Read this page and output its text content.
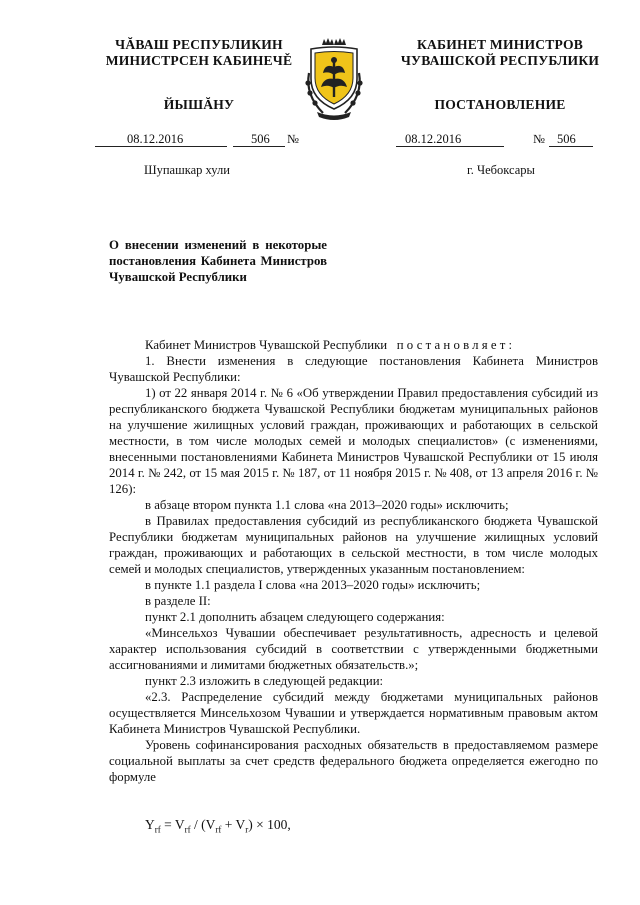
ЧĂВАШ РЕСПУБЛИКИН
МИНИСТРСЕН КАБИНЕЧĚ
ЙЫШĂНУ
КАБИНЕТ МИНИСТРОВ
ЧУВАШСКОЙ РЕСПУБЛИКИ
ПОСТАНОВЛЕНИЕ
08.12.2016	506 №	08.12.2016	№ 506
Шупашкар хули	г. Чебоксары
О внесении изменений в некоторые постановления Кабинета Министров Чувашской Республики

Кабинет Министров Чувашской Республики постановляет:

1. Внести изменения в следующие постановления Кабинета Министров Чувашской Республики:

1) от 22 января 2014 г. № 6 «Об утверждении Правил предоставления субсидий из республиканского бюджета Чувашской Республики бюджетам муниципальных районов на улучшение жилищных условий граждан, проживающих и работающих в сельской местности, в том числе молодых семей и молодых специалистов» (с изменениями, внесенными постановлениями Кабинета Министров Чувашской Республики от 15 июля 2014 г. № 242, от 15 мая 2015 г. № 187, от 11 ноября 2015 г. № 408, от 13 апреля 2016 г. № 126):

в абзаце втором пункта 1.1 слова «на 2013–2020 годы» исключить;

в Правилах предоставления субсидий из республиканского бюджета Чувашской Республики бюджетам муниципальных районов на улучшение жилищных условий граждан, проживающих и работающих в сельской местности, в том числе молодых семей и молодых специалистов, утвержденных указанным постановлением:

в пункте 1.1 раздела I слова «на 2013–2020 годы» исключить;

в разделе II:

пункт 2.1 дополнить абзацем следующего содержания:

«Минсельхоз Чувашии обеспечивает результативность, адресность и целевой характер использования субсидий в соответствии с утвержденными бюджетными ассигнованиями и лимитами бюджетных обязательств.»;

пункт 2.3 изложить в следующей редакции:

«2.3. Распределение субсидий между бюджетами муниципальных районов осуществляется Минсельхозом Чувашии и утверждается нормативным правовым актом Кабинета Министров Чувашской Республики.

Уровень софинансирования расходных обязательств в предоставляемом размере социальной выплаты за счет средств федерального бюджета определяется ежегодно по формуле

$Y_{rf} = V_{rf} / (V_{rf} + V_r) \times 100$,
